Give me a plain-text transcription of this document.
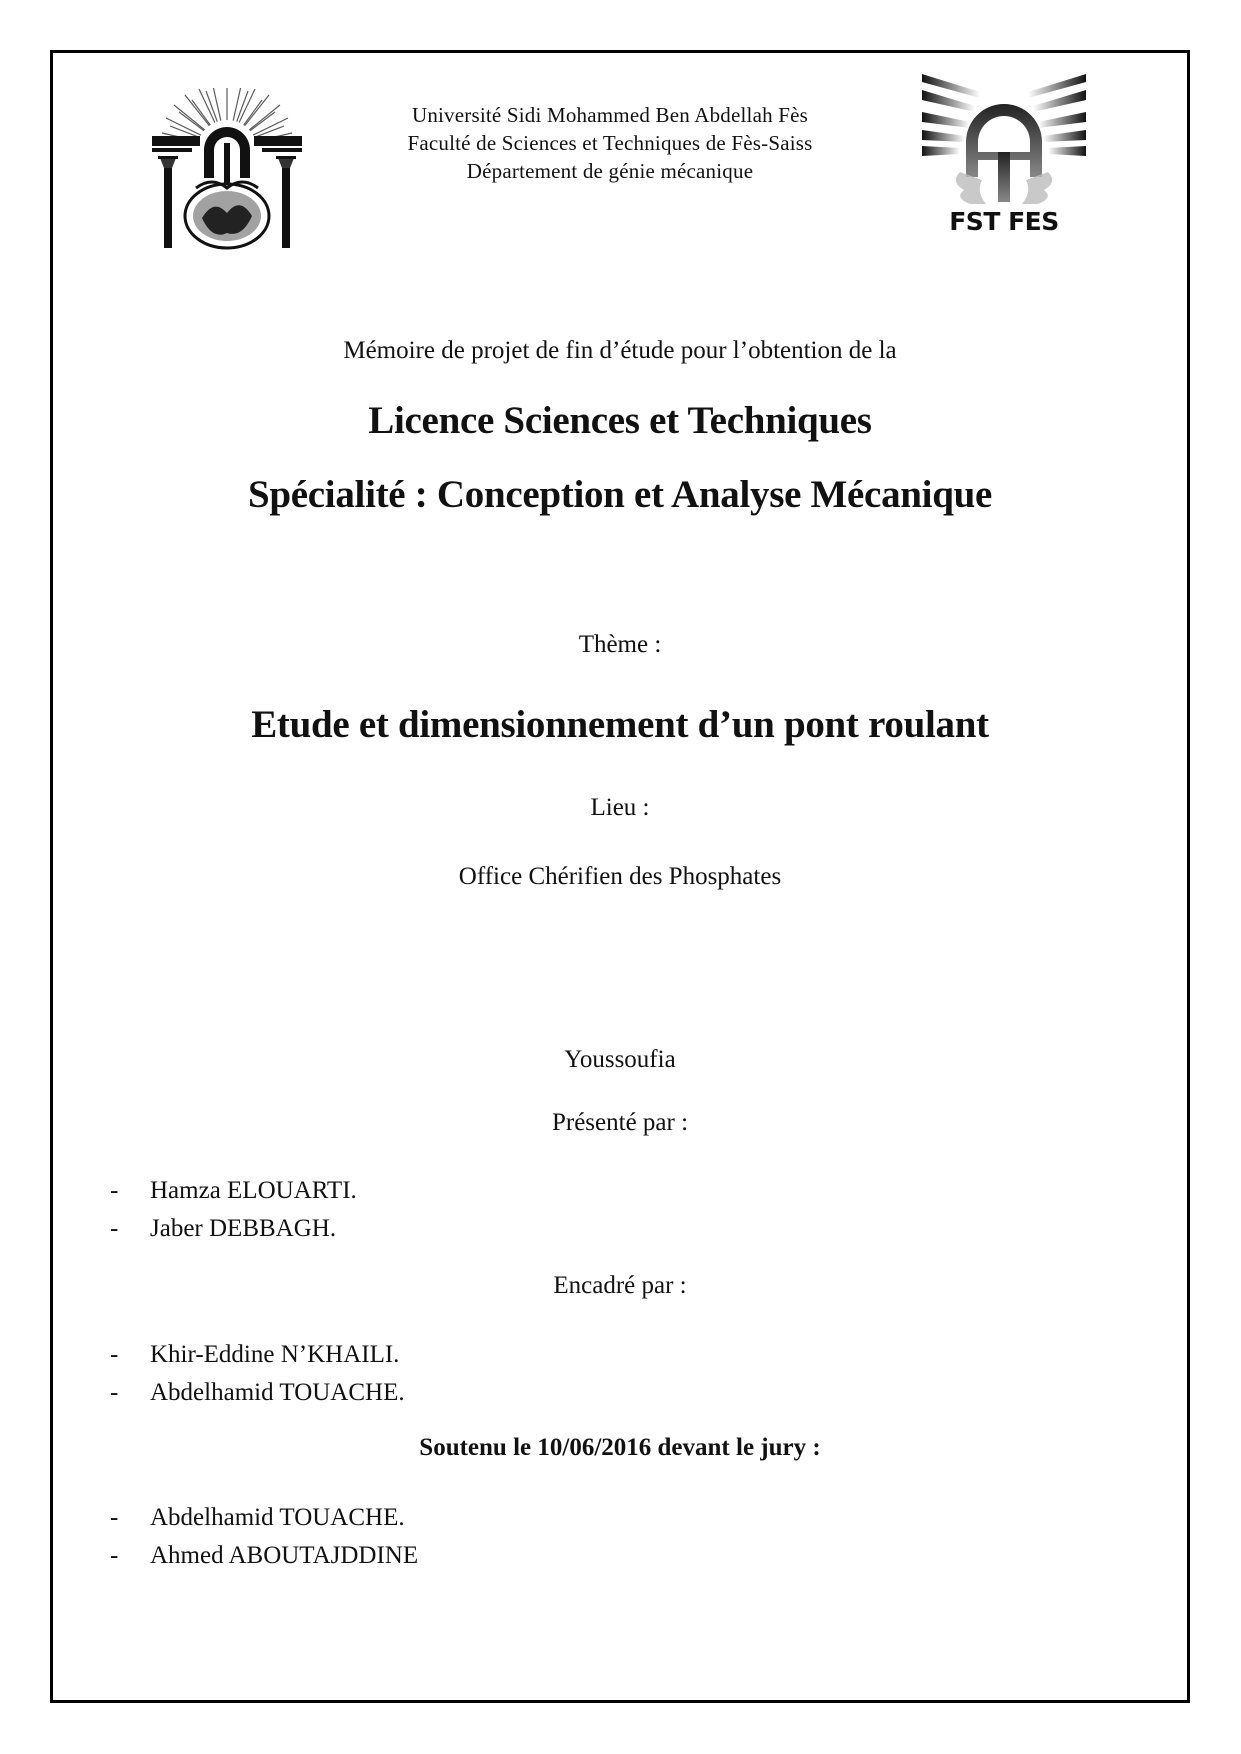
Université Sidi Mohammed Ben Abdellah Fès
Faculté de Sciences et Techniques de Fès-Saiss
Département de génie mécanique
FST FES
Mémoire de projet de fin d’étude pour l’obtention de la
Licence Sciences et Techniques
Spécialité : Conception et Analyse Mécanique
Thème :
Etude et dimensionnement d’un pont roulant
Lieu :
Office Chérifien des Phosphates
Youssoufia
Présenté par :
-	Hamza ELOUARTI.
-	Jaber DEBBAGH.
Encadré par :
-	Khir-Eddine N’KHAILI.
-	Abdelhamid TOUACHE.
Soutenu le 10/06/2016 devant le jury :
-	Abdelhamid TOUACHE.
-	Ahmed ABOUTAJDDINE
